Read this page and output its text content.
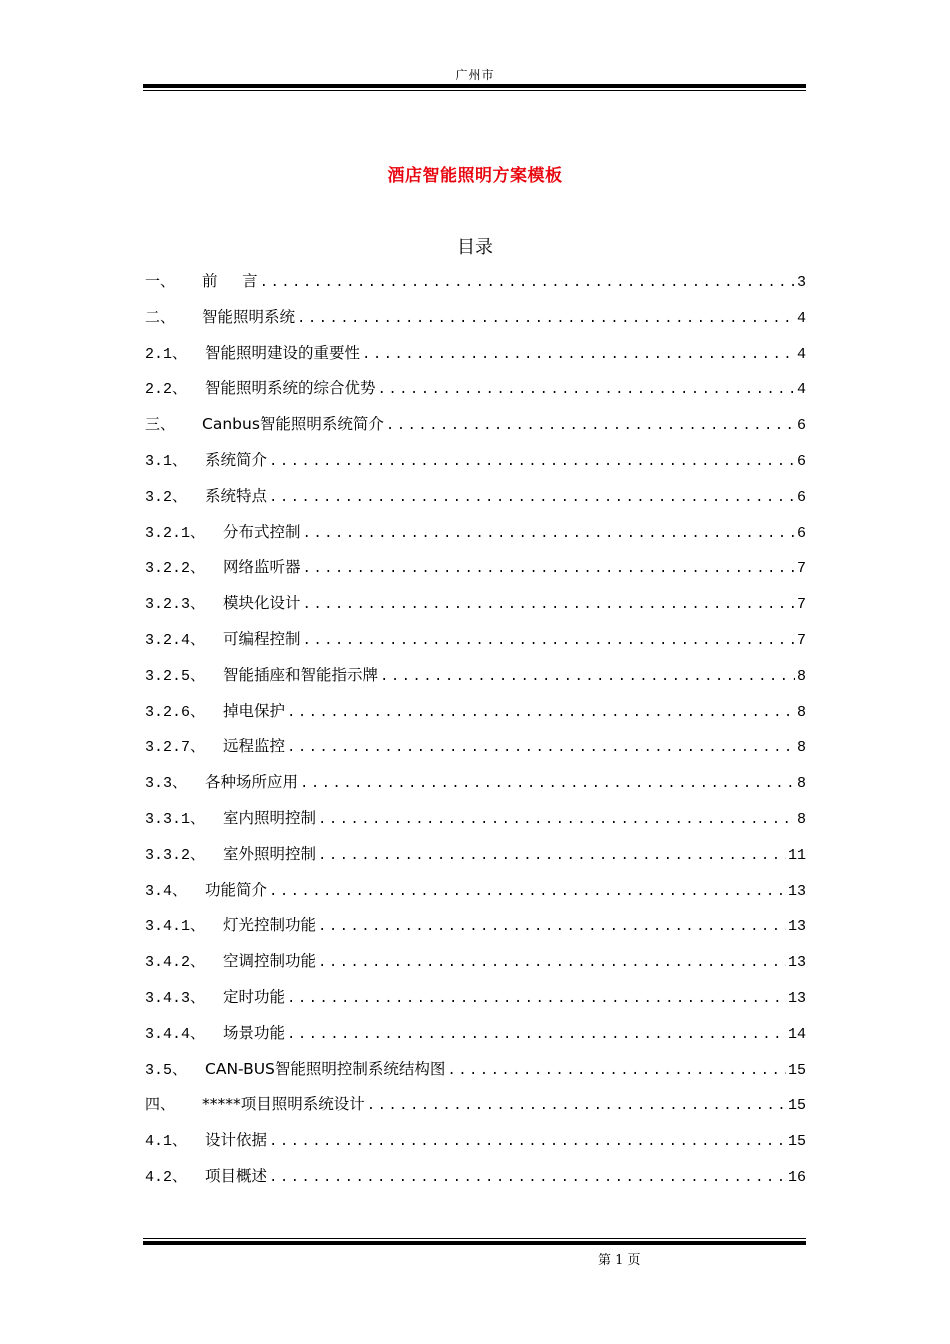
广州市
酒店智能照明方案模板
目录
一、 前     言 .....	3
二、 智能照明系统 .....	4
2.1、 智能照明建设的重要性 .....	4
2.2、 智能照明系统的综合优势 .....	4
三、 Canbus智能照明系统简介 .....	6
3.1、 系统简介 .....	6
3.2、 系统特点 .....	6
3.2.1、 分布式控制 .....	6
3.2.2、 网络监听器 .....	7
3.2.3、 模块化设计 .....	7
3.2.4、 可编程控制 .....	7
3.2.5、 智能插座和智能指示牌 .....	8
3.2.6、 掉电保护 .....	8
3.2.7、 远程监控 .....	8
3.3、 各种场所应用 .....	8
3.3.1、 室内照明控制 .....	8
3.3.2、 室外照明控制 .....	11
3.4、 功能简介 .....	13
3.4.1、 灯光控制功能 .....	13
3.4.2、 空调控制功能 .....	13
3.4.3、 定时功能 .....	13
3.4.4、 场景功能 .....	14
3.5、 CAN-BUS智能照明控制系统结构图 .....	15
四、 *****项目照明系统设计 .....	15
4.1、 设计依据 .....	15
4.2、 项目概述 .....	16
第 1 页
